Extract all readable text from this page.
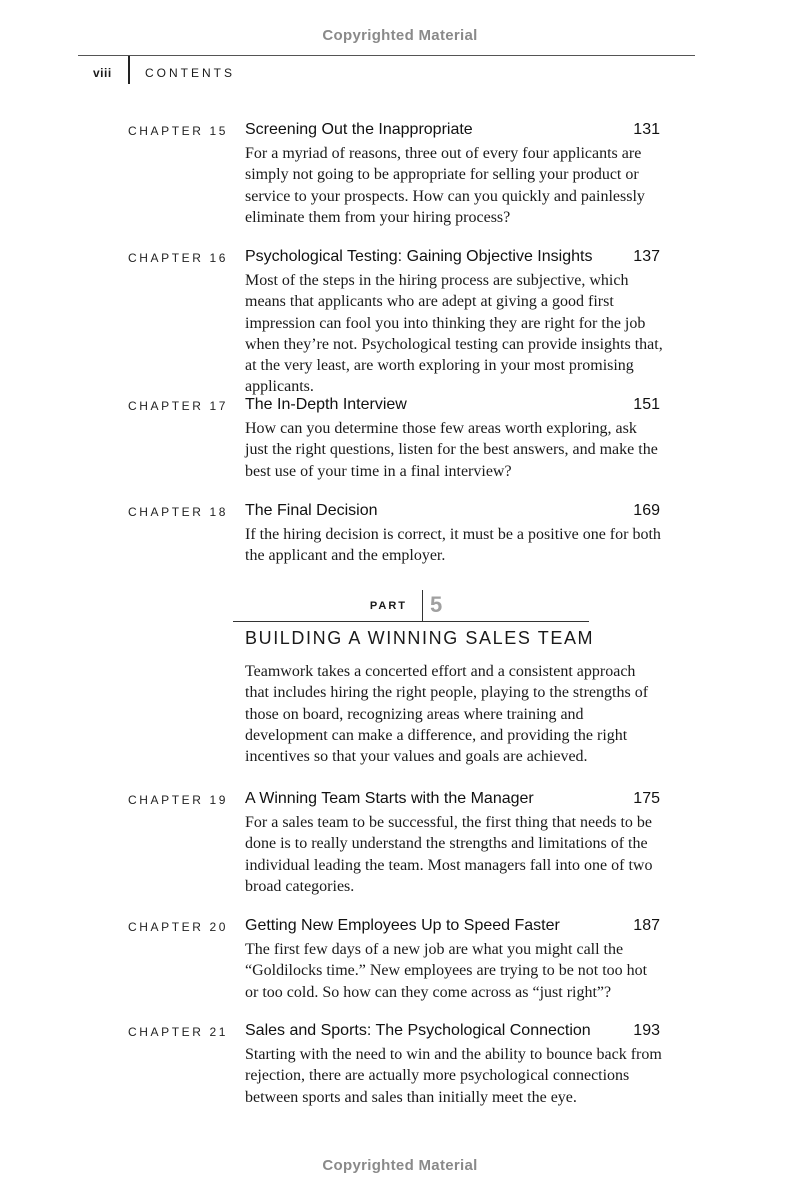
Copyrighted Material
viii	CONTENTS
CHAPTER 15 Screening Out the Inappropriate	131

For a myriad of reasons, three out of every four applicants are simply not going to be appropriate for selling your product or service to your prospects. How can you quickly and painlessly eliminate them from your hiring process?

CHAPTER 16 Psychological Testing: Gaining Objective Insights	137

Most of the steps in the hiring process are subjective, which means that applicants who are adept at giving a good first impression can fool you into thinking they are right for the job when they’re not. Psychological testing can provide insights that, at the very least, are worth exploring in your most promising applicants.

CHAPTER 17 The In-Depth Interview	151

How can you determine those few areas worth exploring, ask just the right questions, listen for the best answers, and make the best use of your time in a final interview?

CHAPTER 18 The Final Decision	169

If the hiring decision is correct, it must be a positive one for both the applicant and the employer.

PART 5
BUILDING A WINNING SALES TEAM

Teamwork takes a concerted effort and a consistent approach that includes hiring the right people, playing to the strengths of those on board, recognizing areas where training and development can make a difference, and providing the right incentives so that your values and goals are achieved.

CHAPTER 19 A Winning Team Starts with the Manager	175

For a sales team to be successful, the first thing that needs to be done is to really understand the strengths and limitations of the individual leading the team. Most managers fall into one of two broad categories.

CHAPTER 20 Getting New Employees Up to Speed Faster	187

The first few days of a new job are what you might call the “Goldilocks time.” New employees are trying to be not too hot or too cold. So how can they come across as “just right”?

CHAPTER 21 Sales and Sports: The Psychological Connection	193

Starting with the need to win and the ability to bounce back from rejection, there are actually more psychological connections between sports and sales than initially meet the eye.

Copyrighted Material
